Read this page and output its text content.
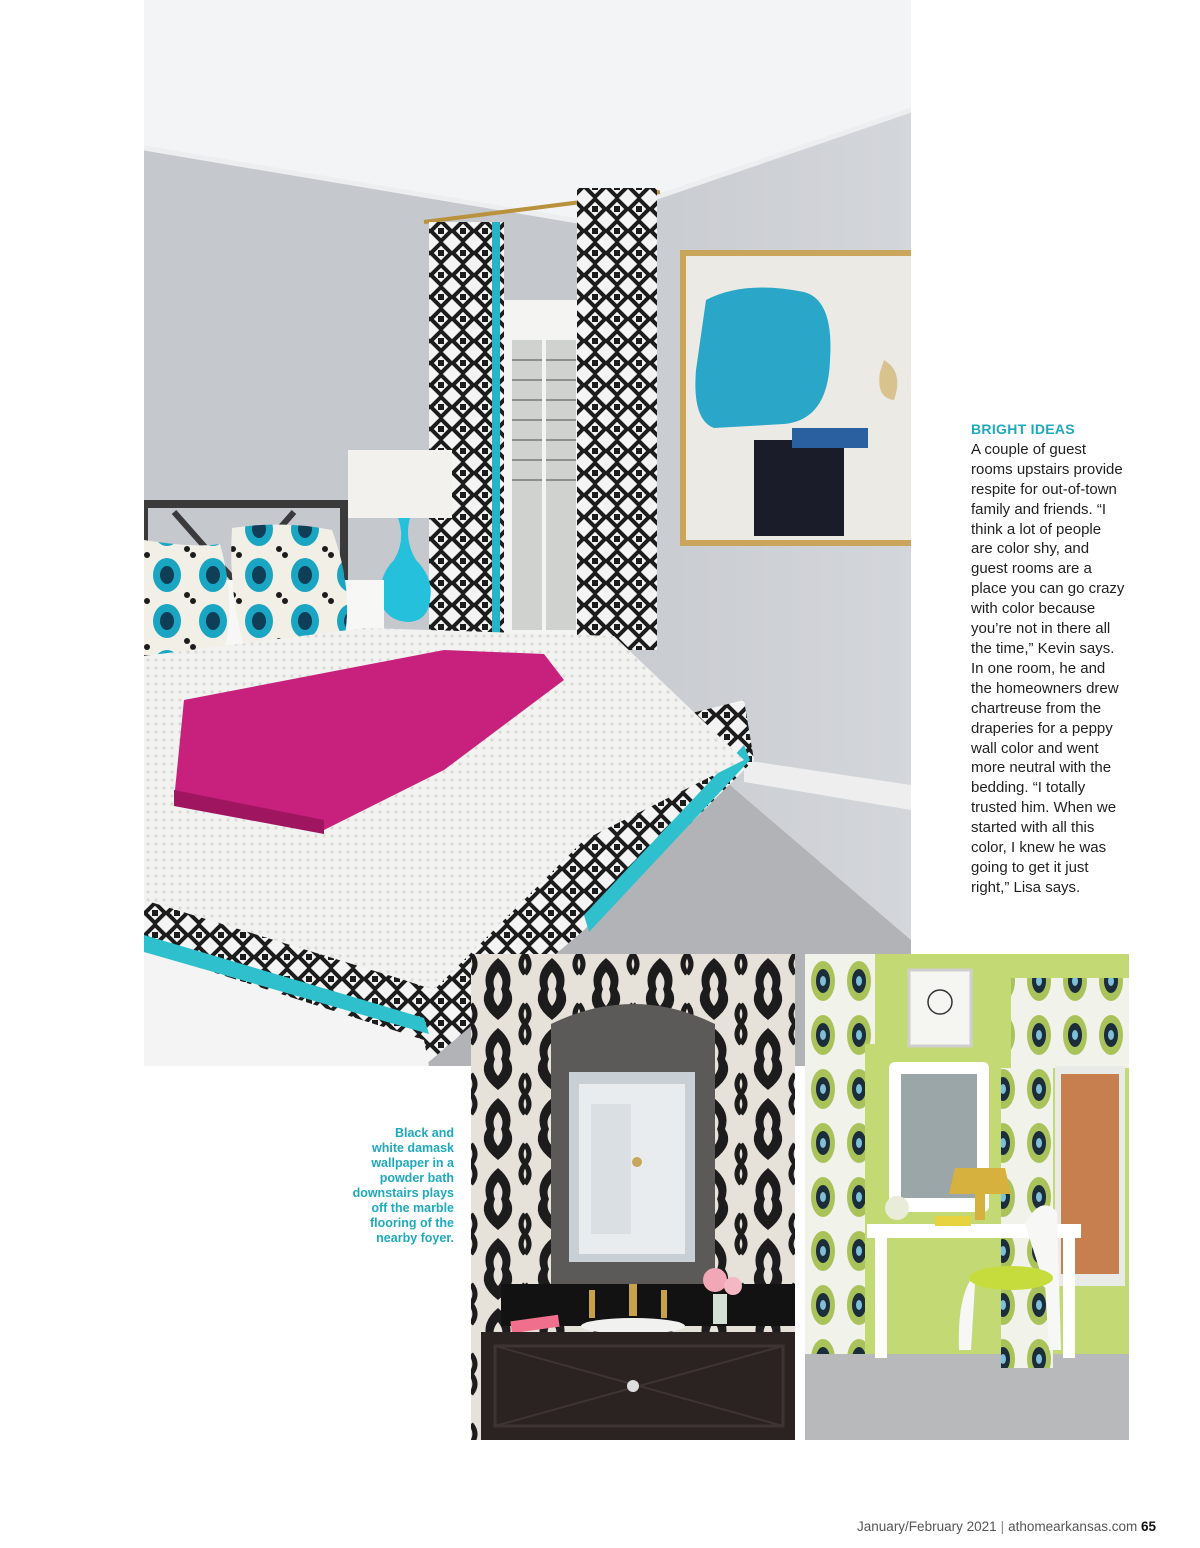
BRIGHT IDEAS
A couple of guest
rooms upstairs provide
respite for out-of-town
family and friends. “I
think a lot of people
are color shy, and
guest rooms are a
place you can go crazy
with color because
you’re not in there all
the time,” Kevin says.
In one room, he and
the homeowners drew
chartreuse from the
draperies for a peppy
wall color and went
more neutral with the
bedding. “I totally
trusted him. When we
started with all this
color, I knew he was
going to get it just
right,” Lisa says.
Black and
white damask
wallpaper in a
powder bath
downstairs plays
off the marble
flooring of the
nearby foyer.
January/February 2021 | athomearkansas.com 65
